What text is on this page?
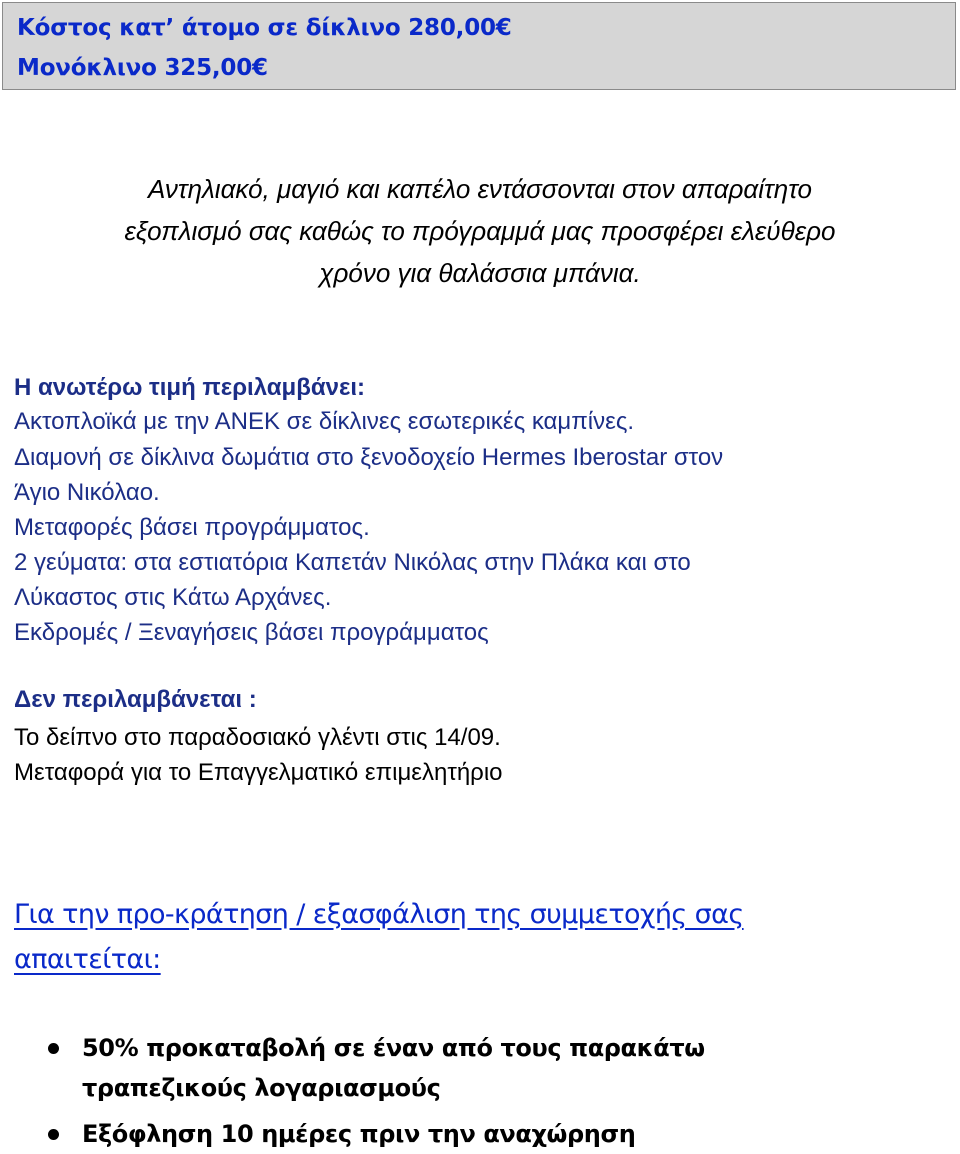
Κόστος κατ’ άτομο σε δίκλινο 280,00€

Μονόκλινο 325,00€

Αντηλιακό, μαγιό και καπέλο εντάσσονται στον απαραίτητο
εξοπλισμό σας καθώς το πρόγραμμά μας προσφέρει ελεύθερο
χρόνο για θαλάσσια μπάνια.

Η ανωτέρω τιμή περιλαμβάνει:

Ακτοπλοϊκά με την ΑΝΕΚ σε δίκλινες εσωτερικές καμπίνες.

Διαμονή σε δίκλινα δωμάτια στο ξενοδοχείο Hermes Iberostar στον

Άγιο Νικόλαο.

Μεταφορές βάσει προγράμματος.

2 γεύματα: στα εστιατόρια Καπετάν Νικόλας στην Πλάκα και στο

Λύκαστος στις Κάτω Αρχάνες.

Εκδρομές / Ξεναγήσεις βάσει προγράμματος

Δεν περιλαμβάνεται :

Το δείπνο στο παραδοσιακό γλέντι στις 14/09.

Μεταφορά για το Επαγγελματικό επιμελητήριο

Για την προ-κράτηση / εξασφάλιση της συμμετοχής σας
απαιτείται:

50% προκαταβολή σε έναν από τους παρακάτω
τραπεζικούς λογαριασμούς
Εξόφληση 10 ημέρες πριν την αναχώρηση
